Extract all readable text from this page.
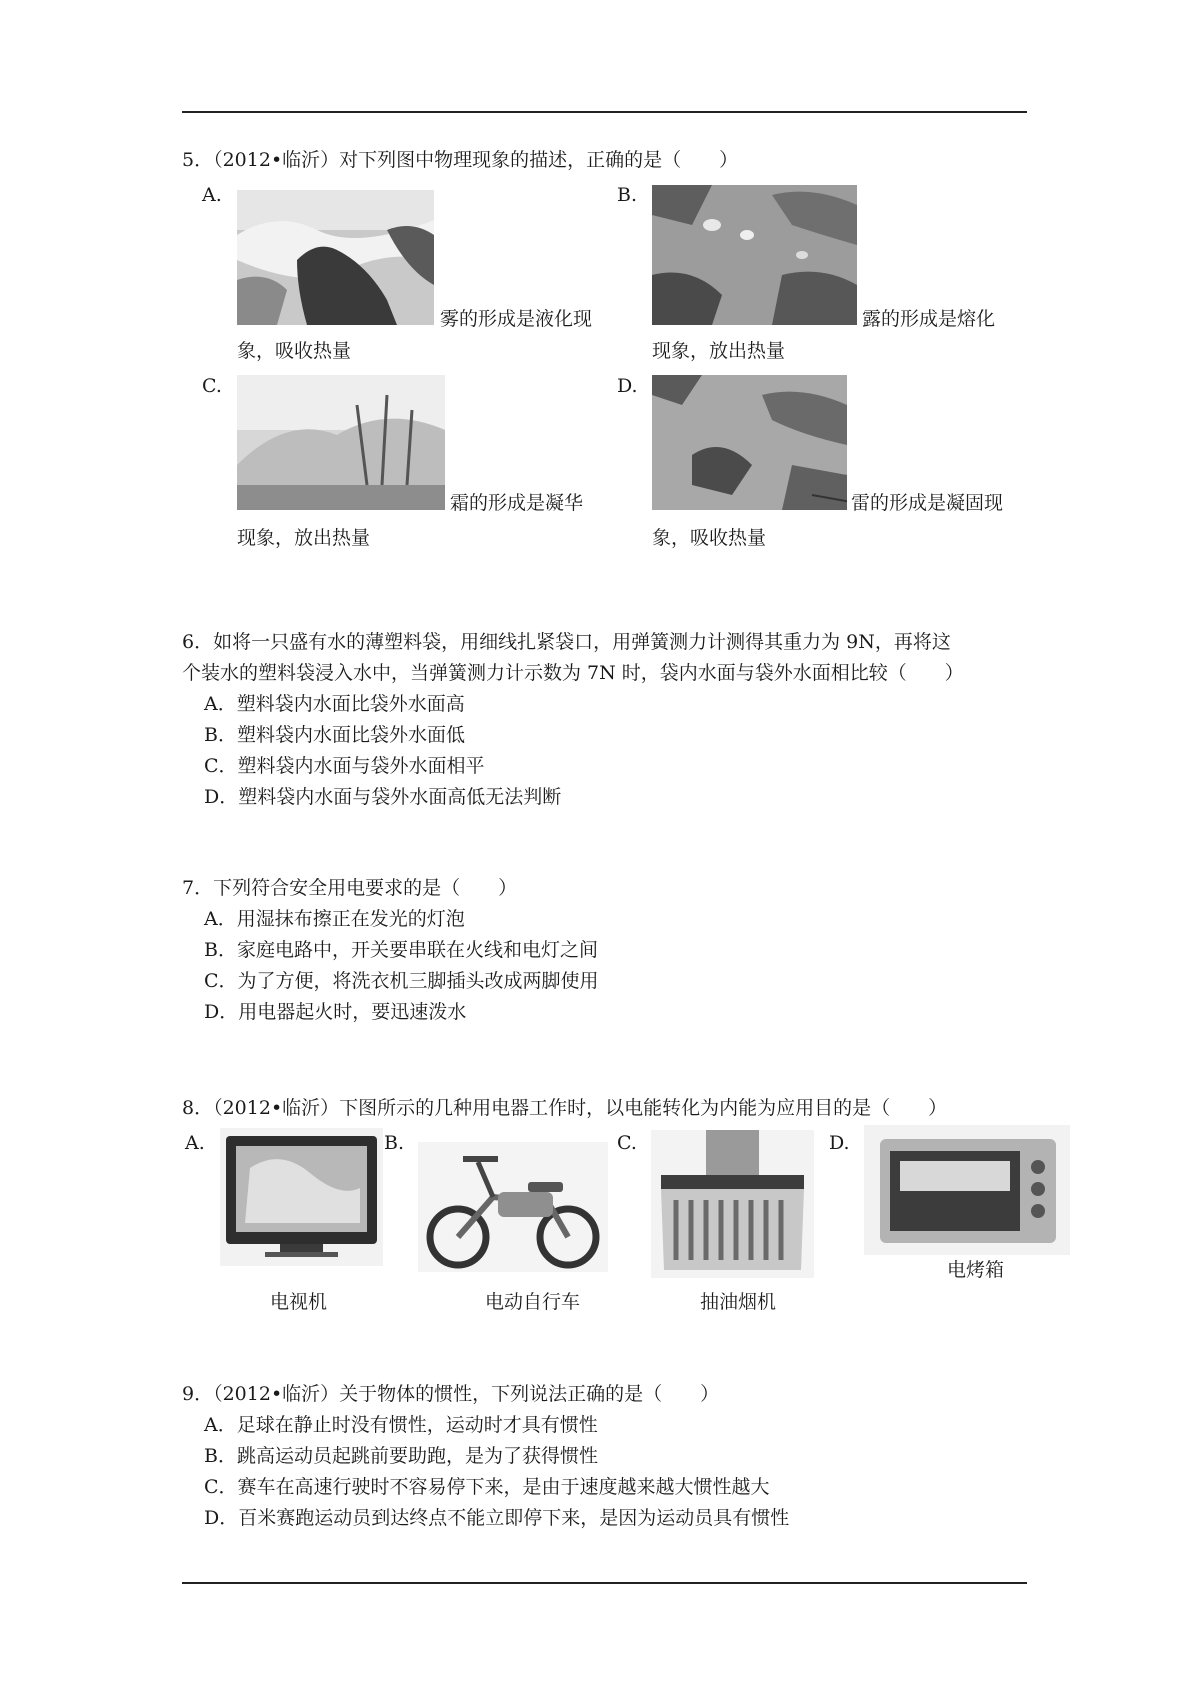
5．（2012•临沂）对下列图中物理现象的描述，正确的是（　　）
A.
雾的形成是液化现
象，吸收热量
B.
露的形成是熔化
现象，放出热量
C.
霜的形成是凝华
现象，放出热量
D.
雷的形成是凝固现
象，吸收热量
6．如将一只盛有水的薄塑料袋，用细线扎紧袋口，用弹簧测力计测得其重力为 9N，再将这
个装水的塑料袋浸入水中，当弹簧测力计示数为 7N 时，袋内水面与袋外水面相比较（　　）
A．塑料袋内水面比袋外水面高
B．塑料袋内水面比袋外水面低
C．塑料袋内水面与袋外水面相平
D．塑料袋内水面与袋外水面高低无法判断
7．下列符合安全用电要求的是（　　）
A．用湿抹布擦正在发光的灯泡
B．家庭电路中，开关要串联在火线和电灯之间
C．为了方便，将洗衣机三脚插头改成两脚使用
D．用电器起火时，要迅速泼水
8．（2012•临沂）下图所示的几种用电器工作时，以电能转化为内能为应用目的是（　　）
A.
电视机
B.
电动自行车
C.
抽油烟机
D.
电烤箱
9．（2012•临沂）关于物体的惯性，下列说法正确的是（　　）
A．足球在静止时没有惯性，运动时才具有惯性
B．跳高运动员起跳前要助跑，是为了获得惯性
C．赛车在高速行驶时不容易停下来，是由于速度越来越大惯性越大
D．百米赛跑运动员到达终点不能立即停下来，是因为运动员具有惯性
